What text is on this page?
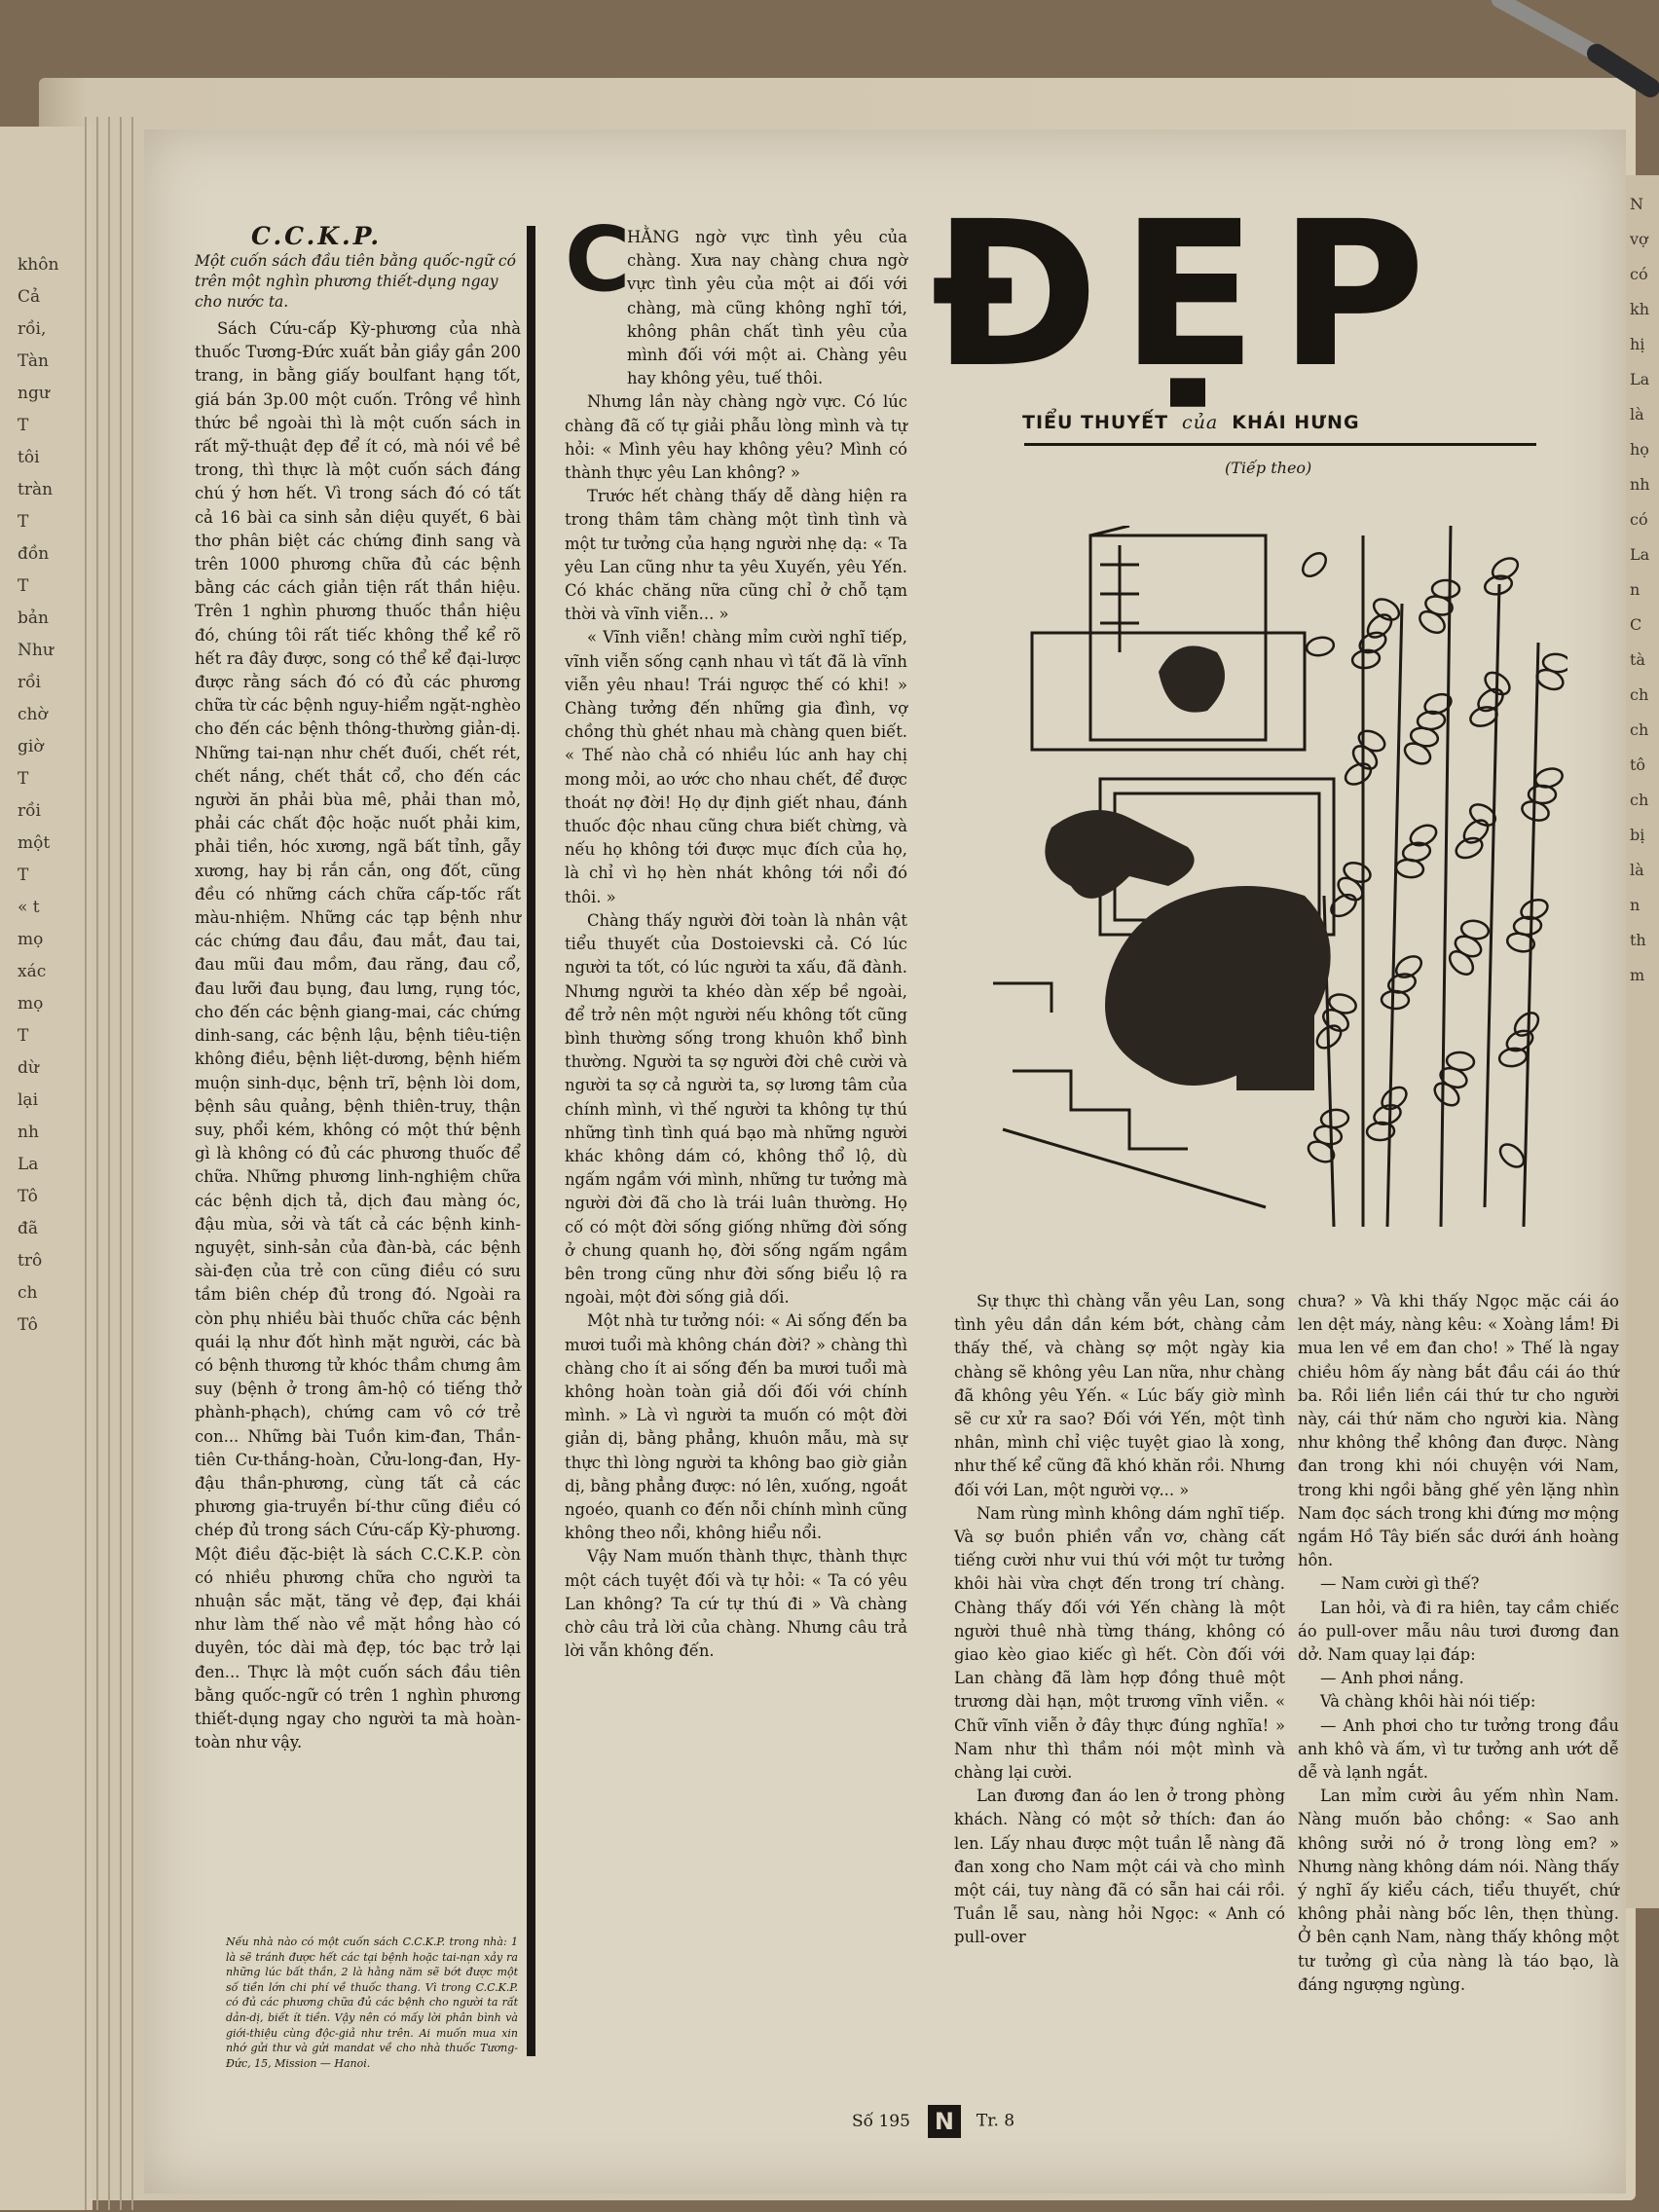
khôn
Cả
rồi,
Tàn
ngư
T
tôi
tràn
T
đồn
T
bản
Như
rồi
chờ
giờ
T
rồi
một
T
« t
mọ
xác
mọ
T
dừ
lại
nh
La
Tô
đã
trô
ch
Tô
N
vợ
có
kh
hị
La
là
họ
nh
có
La
n
C
tà
ch
ch
tô
ch
bị
là
n
th
m
C.C.K.P.
Một cuốn sách đầu tiên bằng quốc-ngữ có trên một nghìn phương thiết-dụng ngay cho nước ta.

Sách Cứu-cấp Kỳ-phương của nhà thuốc Tương-Đức xuất bản giầy gần 200 trang, in bằng giấy boulfant hạng tốt, giá bán 3p.00 một cuốn. Trông về hình thức bề ngoài thì là một cuốn sách in rất mỹ-thuật đẹp để ít có, mà nói về bề trong, thì thực là một cuốn sách đáng chú ý hơn hết. Vì trong sách đó có tất cả 16 bài ca sinh sản diệu quyết, 6 bài thơ phân biệt các chứng đinh sang và trên 1000 phương chữa đủ các bệnh bằng các cách giản tiện rất thần hiệu. Trên 1 nghìn phương thuốc thần hiệu đó, chúng tôi rất tiếc không thể kể rõ hết ra đây được, song có thể kể đại-lược được rằng sách đó có đủ các phương chữa từ các bệnh nguy-hiểm ngặt-nghèo cho đến các bệnh thông-thường giản-dị. Những tai-nạn như chết đuối, chết rét, chết nắng, chết thắt cổ, cho đến các người ăn phải bùa mê, phải than mỏ, phải các chất độc hoặc nuốt phải kim, phải tiền, hóc xương, ngã bất tỉnh, gẫy xương, hay bị rắn cắn, ong đốt, cũng đều có những cách chữa cấp-tốc rất màu-nhiệm. Những các tạp bệnh như các chứng đau đầu, đau mắt, đau tai, đau mũi đau mồm, đau răng, đau cổ, đau lưỡi đau bụng, đau lưng, rụng tóc, cho đến các bệnh giang-mai, các chứng dinh-sang, các bệnh lậu, bệnh tiêu-tiện không điều, bệnh liệt-dương, bệnh hiếm muộn sinh-dục, bệnh trĩ, bệnh lòi dom, bệnh sâu quảng, bệnh thiên-truy, thận suy, phổi kém, không có một thứ bệnh gì là không có đủ các phương thuốc để chữa. Những phương linh-nghiệm chữa các bệnh dịch tả, dịch đau màng óc, đậu mùa, sởi và tất cả các bệnh kinh-nguyệt, sinh-sản của đàn-bà, các bệnh sài-đẹn của trẻ con cũng điều có sưu tầm biên chép đủ trong đó. Ngoài ra còn phụ nhiều bài thuốc chữa các bệnh quái lạ như đốt hình mặt người, các bà có bệnh thương tử khóc thầm chưng âm suy (bệnh ở trong âm-hộ có tiếng thở phành-phạch), chứng cam vô cớ trẻ con... Những bài Tuồn kim-đan, Thần-tiên Cư-thắng-hoàn, Cửu-long-đan, Hy-đậu thần-phương, cùng tất cả các phương gia-truyền bí-thư cũng điều có chép đủ trong sách Cứu-cấp Kỳ-phương. Một điều đặc-biệt là sách C.C.K.P. còn có nhiều phương chữa cho người ta nhuận sắc mặt, tăng vẻ đẹp, đại khái như làm thế nào về mặt hồng hào có duyên, tóc dài mà đẹp, tóc bạc trở lại đen... Thực là một cuốn sách đầu tiên bằng quốc-ngữ có trên 1 nghìn phương thiết-dụng ngay cho người ta mà hoàn-toàn như vậy.

Nếu nhà nào có một cuốn sách C.C.K.P. trong nhà: 1 là sẽ tránh được hết các tại bệnh hoặc tai-nạn xảy ra những lúc bất thần, 2 là hằng năm sẽ bớt được một số tiền lớn chi phí về thuốc thang. Vì trong C.C.K.P. có đủ các phương chữa đủ các bệnh cho người ta rất dản-dị, biết ít tiền. Vậy nên có mấy lời phân bình và giới-thiệu cùng độc-giả như trên. Ai muốn mua xin nhớ gửi thư và gửi mandat về cho nhà thuốc Tương-Đức, 15, Mission — Hanoi.
ĐẸP
TIỂU THUYẾT của KHÁI HƯNG
(Tiếp theo)
C

HẰNG ngờ vực tình yêu của chàng. Xưa nay chàng chưa ngờ vực tình yêu của một ai đối với chàng, mà cũng không nghĩ tới, không phân chất tình yêu của mình đối với một ai. Chàng yêu hay không yêu, tuế thôi.

Nhưng lần này chàng ngờ vực. Có lúc chàng đã cố tự giải phẫu lòng mình và tự hỏi: « Mình yêu hay không yêu? Mình có thành thực yêu Lan không? »

Trước hết chàng thấy dễ dàng hiện ra trong thâm tâm chàng một tình tình và một tư tưởng của hạng người nhẹ dạ: « Ta yêu Lan cũng như ta yêu Xuyến, yêu Yến. Có khác chăng nữa cũng chỉ ở chỗ tạm thời và vĩnh viễn... »

« Vĩnh viễn! chàng mỉm cười nghĩ tiếp, vĩnh viễn sống cạnh nhau vì tất đã là vĩnh viễn yêu nhau! Trái ngược thế có khi! » Chàng tưởng đến những gia đình, vợ chồng thù ghét nhau mà chàng quen biết. « Thế nào chả có nhiều lúc anh hay chị mong mỏi, ao ước cho nhau chết, để được thoát nợ đời! Họ dự định giết nhau, đánh thuốc độc nhau cũng chưa biết chừng, và nếu họ không tới được mục đích của họ, là chỉ vì họ hèn nhát không tới nổi đó thôi. »

Chàng thấy người đời toàn là nhân vật tiểu thuyết của Dostoievski cả. Có lúc người ta tốt, có lúc người ta xấu, đã đành. Nhưng người ta khéo dàn xếp bề ngoài, để trở nên một người nếu không tốt cũng bình thường sống trong khuôn khổ bình thường. Người ta sợ người đời chê cười và người ta sợ cả người ta, sợ lương tâm của chính mình, vì thế người ta không tự thú những tình tình quá bạo mà những người khác không dám có, không thổ lộ, dù ngấm ngầm với mình, những tư tưởng mà người đời đã cho là trái luân thường. Họ cố có một đời sống giống những đời sống ở chung quanh họ, đời sống ngấm ngầm bên trong cũng như đời sống biểu lộ ra ngoài, một đời sống giả dối.

Một nhà tư tưởng nói: « Ai sống đến ba mươi tuổi mà không chán đời? » chàng thì chàng cho ít ai sống đến ba mươi tuổi mà không hoàn toàn giả dối đối với chính mình. » Là vì người ta muốn có một đời giản dị, bằng phẳng, khuôn mẫu, mà sự thực thì lòng người ta không bao giờ giản dị, bằng phẳng được: nó lên, xuống, ngoắt ngoéo, quanh co đến nỗi chính mình cũng không theo nổi, không hiểu nổi.

Vậy Nam muốn thành thực, thành thực một cách tuyệt đối và tự hỏi: « Ta có yêu Lan không? Ta cứ tự thú đi » Và chàng chờ câu trả lời của chàng. Nhưng câu trả lời vẫn không đến.

Sự thực thì chàng vẫn yêu Lan, song tình yêu dần dần kém bớt, chàng cảm thấy thế, và chàng sợ một ngày kia chàng sẽ không yêu Lan nữa, như chàng đã không yêu Yến. « Lúc bấy giờ mình sẽ cư xử ra sao? Đối với Yến, một tình nhân, mình chỉ việc tuyệt giao là xong, như thế kể cũng đã khó khăn rồi. Nhưng đối với Lan, một người vợ... »

Nam rùng mình không dám nghĩ tiếp. Và sợ buồn phiền vẩn vơ, chàng cất tiếng cười như vui thú với một tư tưởng khôi hài vừa chợt đến trong trí chàng. Chàng thấy đối với Yến chàng là một người thuê nhà từng tháng, không có giao kèo giao kiếc gì hết. Còn đối với Lan chàng đã làm hợp đồng thuê một trương dài hạn, một trương vĩnh viễn. « Chữ vĩnh viễn ở đây thực đúng nghĩa! » Nam như thì thầm nói một mình và chàng lại cười.

Lan đương đan áo len ở trong phòng khách. Nàng có một sở thích: đan áo len. Lấy nhau được một tuần lễ nàng đã đan xong cho Nam một cái và cho mình một cái, tuy nàng đã có sẵn hai cái rồi. Tuần lễ sau, nàng hỏi Ngọc: « Anh có pull-over

chưa? » Và khi thấy Ngọc mặc cái áo len dệt máy, nàng kêu: « Xoàng lắm! Đi mua len về em đan cho! » Thế là ngay chiều hôm ấy nàng bắt đầu cái áo thứ ba. Rồi liền liền cái thứ tư cho người này, cái thứ năm cho người kia. Nàng như không thể không đan được. Nàng đan trong khi nói chuyện với Nam, trong khi ngồi bằng ghế yên lặng nhìn Nam đọc sách trong khi đứng mơ mộng ngắm Hồ Tây biến sắc dưới ánh hoàng hôn.

— Nam cười gì thế?

Lan hỏi, và đi ra hiên, tay cầm chiếc áo pull-over mẫu nâu tươi đương đan dở. Nam quay lại đáp:

— Anh phơi nắng.

Và chàng khôi hài nói tiếp:

— Anh phơi cho tư tưởng trong đầu anh khô và ấm, vì tư tưởng anh ướt dễ dễ và lạnh ngắt.

Lan mỉm cười âu yếm nhìn Nam. Nàng muốn bảo chồng: « Sao anh không sưởi nó ở trong lòng em? » Nhưng nàng không dám nói. Nàng thấy ý nghĩ ấy kiểu cách, tiểu thuyết, chứ không phải nàng bốc lên, thẹn thùng. Ở bên cạnh Nam, nàng thấy không một tư tưởng gì của nàng là táo bạo, là đáng ngượng ngùng.

Số 195 N Tr. 8
